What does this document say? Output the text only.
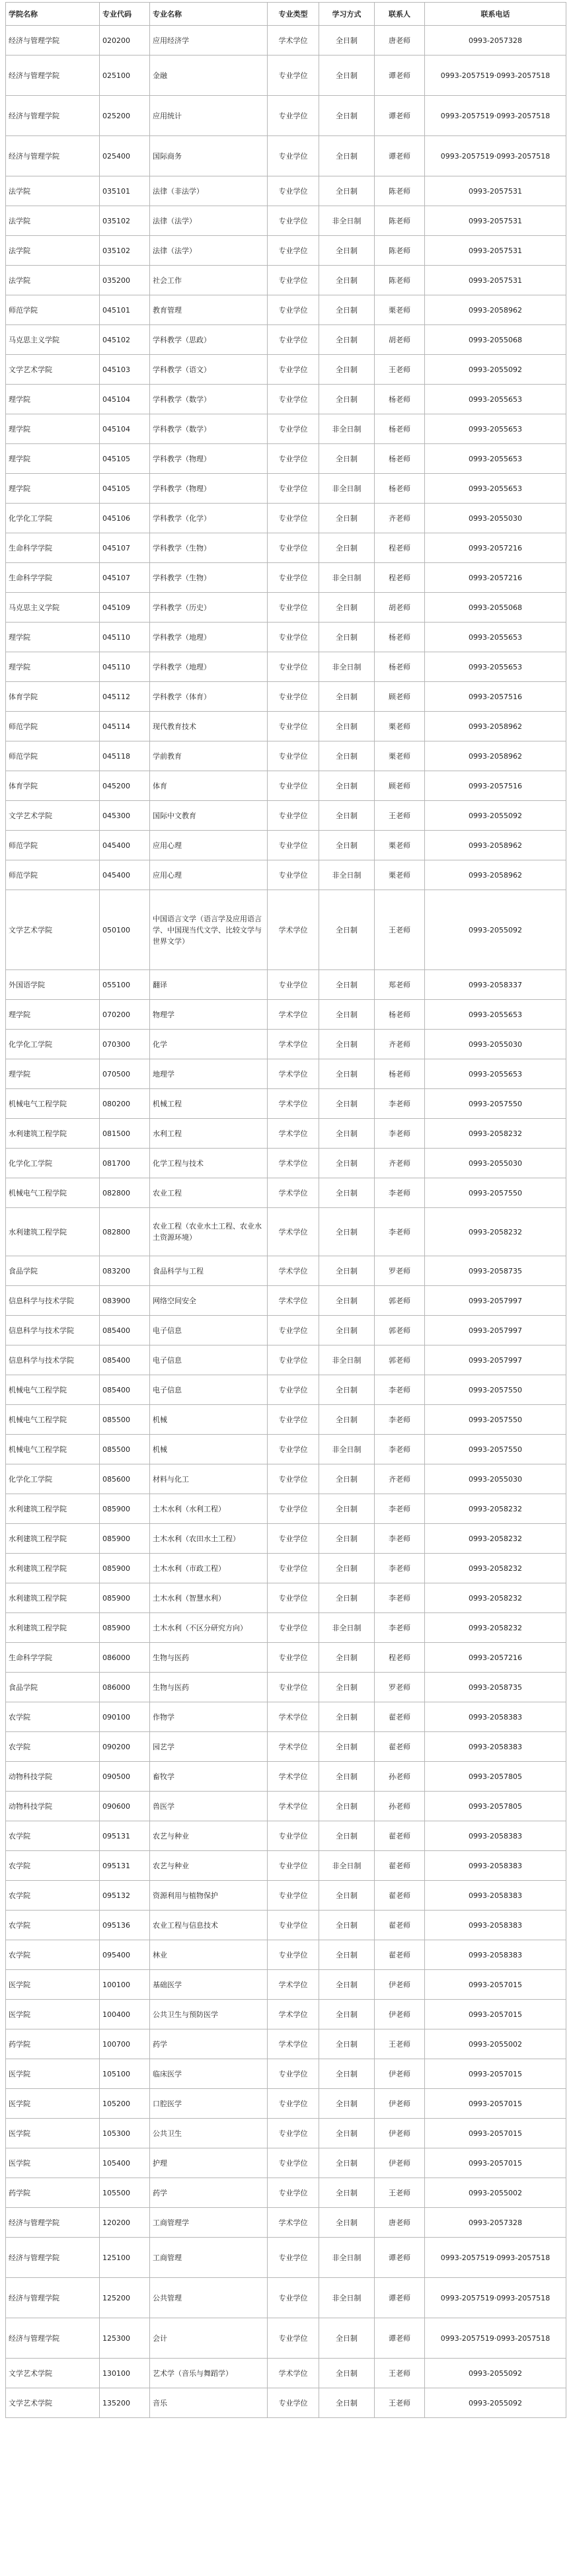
学院名称	专业代码	专业名称	专业类型	学习方式	联系人	联系电话
经济与管理学院	020200	应用经济学	学术学位	全日制	唐老师	0993-2057328
经济与管理学院	025100	金融	专业学位	全日制	谭老师	0993-2057519·0993-2057518
经济与管理学院	025200	应用统计	专业学位	全日制	谭老师	0993-2057519·0993-2057518
经济与管理学院	025400	国际商务	专业学位	全日制	谭老师	0993-2057519·0993-2057518
法学院	035101	法律（非法学）	专业学位	全日制	陈老师	0993-2057531
法学院	035102	法律（法学）	专业学位	非全日制	陈老师	0993-2057531
法学院	035102	法律（法学）	专业学位	全日制	陈老师	0993-2057531
法学院	035200	社会工作	专业学位	全日制	陈老师	0993-2057531
师范学院	045101	教育管理	专业学位	全日制	栗老师	0993-2058962
马克思主义学院	045102	学科教学（思政）	专业学位	全日制	胡老师	0993-2055068
文学艺术学院	045103	学科教学（语文）	专业学位	全日制	王老师	0993-2055092
理学院	045104	学科教学（数学）	专业学位	全日制	杨老师	0993-2055653
理学院	045104	学科教学（数学）	专业学位	非全日制	杨老师	0993-2055653
理学院	045105	学科教学（物理）	专业学位	全日制	杨老师	0993-2055653
理学院	045105	学科教学（物理）	专业学位	非全日制	杨老师	0993-2055653
化学化工学院	045106	学科教学（化学）	专业学位	全日制	齐老师	0993-2055030
生命科学学院	045107	学科教学（生物）	专业学位	全日制	程老师	0993-2057216
生命科学学院	045107	学科教学（生物）	专业学位	非全日制	程老师	0993-2057216
马克思主义学院	045109	学科教学（历史）	专业学位	全日制	胡老师	0993-2055068
理学院	045110	学科教学（地理）	专业学位	全日制	杨老师	0993-2055653
理学院	045110	学科教学（地理）	专业学位	非全日制	杨老师	0993-2055653
体育学院	045112	学科教学（体育）	专业学位	全日制	顾老师	0993-2057516
师范学院	045114	现代教育技术	专业学位	全日制	栗老师	0993-2058962
师范学院	045118	学前教育	专业学位	全日制	栗老师	0993-2058962
体育学院	045200	体育	专业学位	全日制	顾老师	0993-2057516
文学艺术学院	045300	国际中文教育	专业学位	全日制	王老师	0993-2055092
师范学院	045400	应用心理	专业学位	全日制	栗老师	0993-2058962
师范学院	045400	应用心理	专业学位	非全日制	栗老师	0993-2058962
文学艺术学院	050100	中国语言文学（语言学及应用语言学、中国现当代文学、比较文学与世界文学）	学术学位	全日制	王老师	0993-2055092
外国语学院	055100	翻译	专业学位	全日制	郑老师	0993-2058337
理学院	070200	物理学	学术学位	全日制	杨老师	0993-2055653
化学化工学院	070300	化学	学术学位	全日制	齐老师	0993-2055030
理学院	070500	地理学	学术学位	全日制	杨老师	0993-2055653
机械电气工程学院	080200	机械工程	学术学位	全日制	李老师	0993-2057550
水利建筑工程学院	081500	水利工程	学术学位	全日制	李老师	0993-2058232
化学化工学院	081700	化学工程与技术	学术学位	全日制	齐老师	0993-2055030
机械电气工程学院	082800	农业工程	学术学位	全日制	李老师	0993-2057550
水利建筑工程学院	082800	农业工程（农业水土工程、农业水土资源环境）	学术学位	全日制	李老师	0993-2058232
食品学院	083200	食品科学与工程	学术学位	全日制	罗老师	0993-2058735
信息科学与技术学院	083900	网络空间安全	学术学位	全日制	郭老师	0993-2057997
信息科学与技术学院	085400	电子信息	专业学位	全日制	郭老师	0993-2057997
信息科学与技术学院	085400	电子信息	专业学位	非全日制	郭老师	0993-2057997
机械电气工程学院	085400	电子信息	专业学位	全日制	李老师	0993-2057550
机械电气工程学院	085500	机械	专业学位	全日制	李老师	0993-2057550
机械电气工程学院	085500	机械	专业学位	非全日制	李老师	0993-2057550
化学化工学院	085600	材料与化工	专业学位	全日制	齐老师	0993-2055030
水利建筑工程学院	085900	土木水利（水利工程）	专业学位	全日制	李老师	0993-2058232
水利建筑工程学院	085900	土木水利（农田水土工程）	专业学位	全日制	李老师	0993-2058232
水利建筑工程学院	085900	土木水利（市政工程）	专业学位	全日制	李老师	0993-2058232
水利建筑工程学院	085900	土木水利（智慧水利）	专业学位	全日制	李老师	0993-2058232
水利建筑工程学院	085900	土木水利（不区分研究方向）	专业学位	非全日制	李老师	0993-2058232
生命科学学院	086000	生物与医药	专业学位	全日制	程老师	0993-2057216
食品学院	086000	生物与医药	专业学位	全日制	罗老师	0993-2058735
农学院	090100	作物学	学术学位	全日制	翟老师	0993-2058383
农学院	090200	园艺学	学术学位	全日制	翟老师	0993-2058383
动物科技学院	090500	畜牧学	学术学位	全日制	孙老师	0993-2057805
动物科技学院	090600	兽医学	学术学位	全日制	孙老师	0993-2057805
农学院	095131	农艺与种业	专业学位	全日制	翟老师	0993-2058383
农学院	095131	农艺与种业	专业学位	非全日制	翟老师	0993-2058383
农学院	095132	资源利用与植物保护	专业学位	全日制	翟老师	0993-2058383
农学院	095136	农业工程与信息技术	专业学位	全日制	翟老师	0993-2058383
农学院	095400	林业	专业学位	全日制	翟老师	0993-2058383
医学院	100100	基础医学	学术学位	全日制	伊老师	0993-2057015
医学院	100400	公共卫生与预防医学	学术学位	全日制	伊老师	0993-2057015
药学院	100700	药学	学术学位	全日制	王老师	0993-2055002
医学院	105100	临床医学	专业学位	全日制	伊老师	0993-2057015
医学院	105200	口腔医学	专业学位	全日制	伊老师	0993-2057015
医学院	105300	公共卫生	专业学位	全日制	伊老师	0993-2057015
医学院	105400	护理	专业学位	全日制	伊老师	0993-2057015
药学院	105500	药学	专业学位	全日制	王老师	0993-2055002
经济与管理学院	120200	工商管理学	学术学位	全日制	唐老师	0993-2057328
经济与管理学院	125100	工商管理	专业学位	非全日制	谭老师	0993-2057519·0993-2057518
经济与管理学院	125200	公共管理	专业学位	非全日制	谭老师	0993-2057519·0993-2057518
经济与管理学院	125300	会计	专业学位	全日制	谭老师	0993-2057519·0993-2057518
文学艺术学院	130100	艺术学（音乐与舞蹈学）	学术学位	全日制	王老师	0993-2055092
文学艺术学院	135200	音乐	专业学位	全日制	王老师	0993-2055092
